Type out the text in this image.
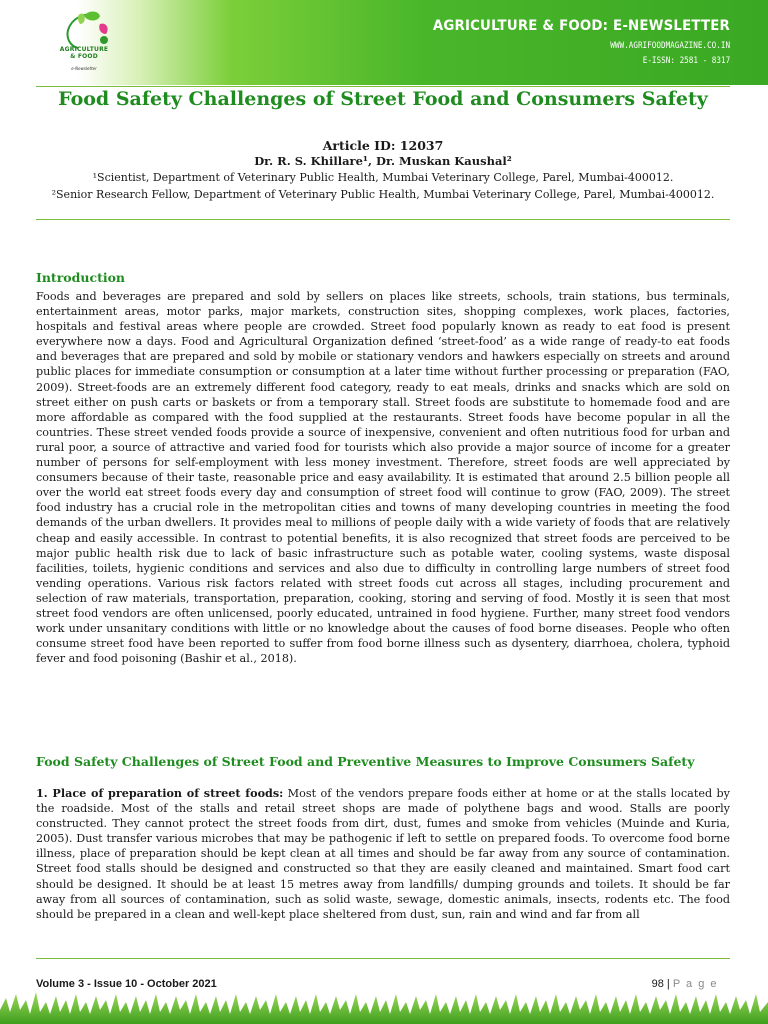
AGRICULTURE
& FOOD
e-Newsletter
AGRICULTURE & FOOD: E-NEWSLETTER
WWW.AGRIFOODMAGAZINE.CO.IN
E-ISSN: 2581 - 8317
Food Safety Challenges of Street Food and Consumers Safety
Article ID: 12037
Dr. R. S. Khillare¹, Dr. Muskan Kaushal²
¹Scientist, Department of Veterinary Public Health, Mumbai Veterinary College, Parel, Mumbai-400012.
²Senior Research Fellow, Department of Veterinary Public Health, Mumbai Veterinary College, Parel, Mumbai-400012.
Introduction

Foods and beverages are prepared and sold by sellers on places like streets, schools, train stations, bus terminals, entertainment areas, motor parks, major markets, construction sites, shopping complexes, work places, factories, hospitals and festival areas where people are crowded. Street food popularly known as ready to eat food is present everywhere now a days. Food and Agricultural Organization defined ‘street-food’ as a wide range of ready-to eat foods and beverages that are prepared and sold by mobile or stationary vendors and hawkers especially on streets and around public places for immediate consumption or consumption at a later time without further processing or preparation (FAO, 2009). Street-foods are an extremely different food category, ready to eat meals, drinks and snacks which are sold on street either on push carts or baskets or from a temporary stall. Street foods are substitute to homemade food and are more affordable as compared with the food supplied at the restaurants. Street foods have become popular in all the countries. These street vended foods provide a source of inexpensive, convenient and often nutritious food for urban and rural poor, a source of attractive and varied food for tourists which also provide a major source of income for a greater number of persons for self-employment with less money investment. Therefore, street foods are well appreciated by consumers because of their taste, reasonable price and easy availability. It is estimated that around 2.5 billion people all over the world eat street foods every day and consumption of street food will continue to grow (FAO, 2009). The street food industry has a crucial role in the metropolitan cities and towns of many developing countries in meeting the food demands of the urban dwellers. It provides meal to millions of people daily with a wide variety of foods that are relatively cheap and easily accessible. In contrast to potential benefits, it is also recognized that street foods are perceived to be major public health risk due to lack of basic infrastructure such as potable water, cooling systems, waste disposal facilities, toilets, hygienic conditions and services and also due to difficulty in controlling large numbers of street food vending operations. Various risk factors related with street foods cut across all stages, including procurement and selection of raw materials, transportation, preparation, cooking, storing and serving of food. Mostly it is seen that most street food vendors are often unlicensed, poorly educated, untrained in food hygiene. Further, many street food vendors work under unsanitary conditions with little or no knowledge about the causes of food borne diseases. People who often consume street food have been reported to suffer from food borne illness such as dysentery, diarrhoea, cholera, typhoid fever and food poisoning (Bashir et al., 2018).

Food Safety Challenges of Street Food and Preventive Measures to Improve Consumers Safety

1. Place of preparation of street foods: Most of the vendors prepare foods either at home or at the stalls located by the roadside. Most of the stalls and retail street shops are made of polythene bags and wood. Stalls are poorly constructed. They cannot protect the street foods from dirt, dust, fumes and smoke from vehicles (Muinde and Kuria, 2005). Dust transfer various microbes that may be pathogenic if left to settle on prepared foods. To overcome food borne illness, place of preparation should be kept clean at all times and should be far away from any source of contamination. Street food stalls should be designed and constructed so that they are easily cleaned and maintained. Smart food cart should be designed. It should be at least 15 metres away from landfills/ dumping grounds and toilets. It should be far away from all sources of contamination, such as solid waste, sewage, domestic animals, insects, rodents etc. The food should be prepared in a clean and well-kept place sheltered from dust, sun, rain and wind and far from all

Volume 3 - Issue 10 - October 2021	98 | P a g e
